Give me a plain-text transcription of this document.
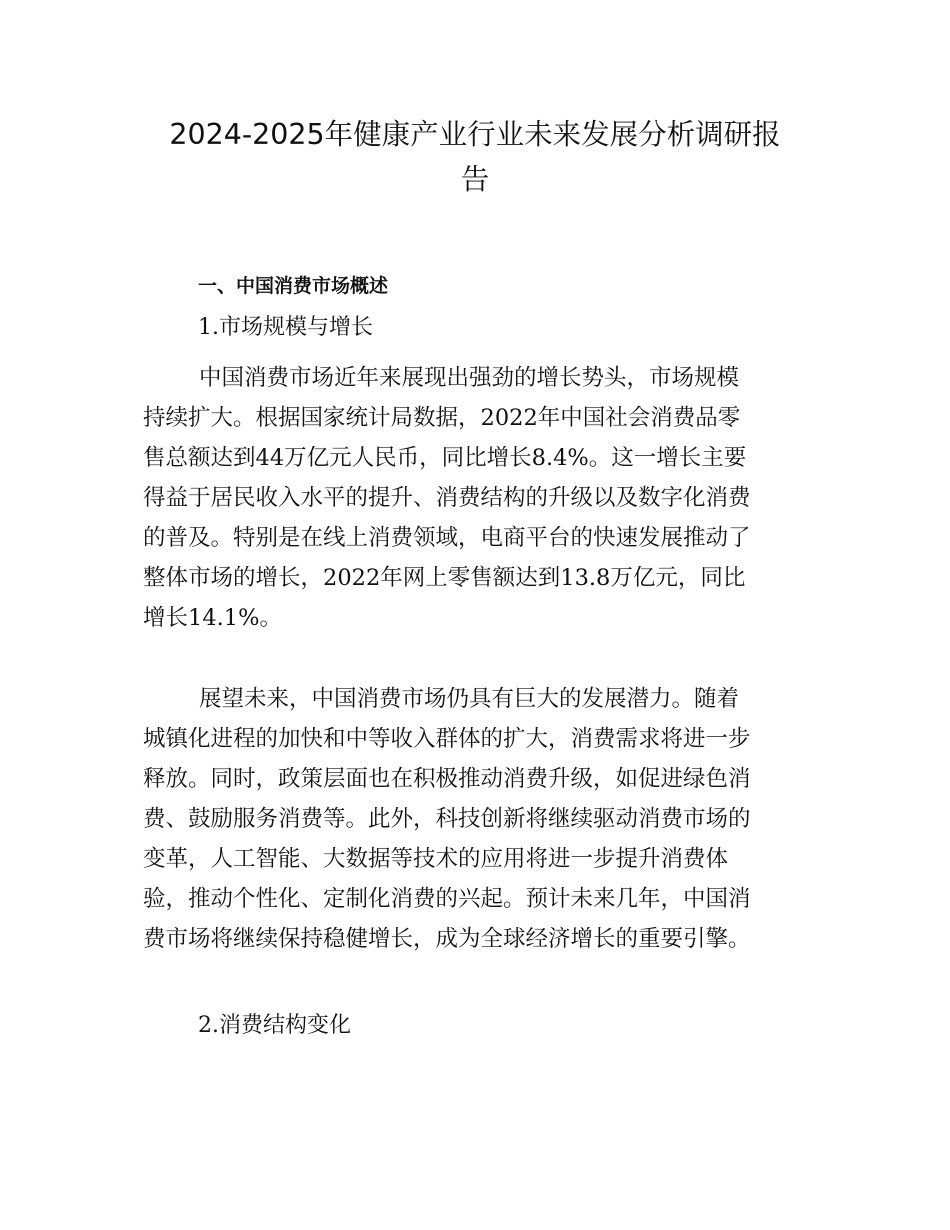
2024-2025年健康产业行业未来发展分析调研报
告
一、中国消费市场概述
1.市场规模与增长

中国消费市场近年来展现出强劲的增长势头，市场规模
持续扩大。根据国家统计局数据，2022年中国社会消费品零
售总额达到44万亿元人民币，同比增长8.4%。这一增长主要
得益于居民收入水平的提升、消费结构的升级以及数字化消费
的普及。特别是在线上消费领域，电商平台的快速发展推动了
整体市场的增长，2022年网上零售额达到13.8万亿元，同比
增长14.1%。

展望未来，中国消费市场仍具有巨大的发展潜力。随着
城镇化进程的加快和中等收入群体的扩大，消费需求将进一步
释放。同时，政策层面也在积极推动消费升级，如促进绿色消
费、鼓励服务消费等。此外，科技创新将继续驱动消费市场的
变革，人工智能、大数据等技术的应用将进一步提升消费体
验，推动个性化、定制化消费的兴起。预计未来几年，中国消
费市场将继续保持稳健增长，成为全球经济增长的重要引擎。

2.消费结构变化
